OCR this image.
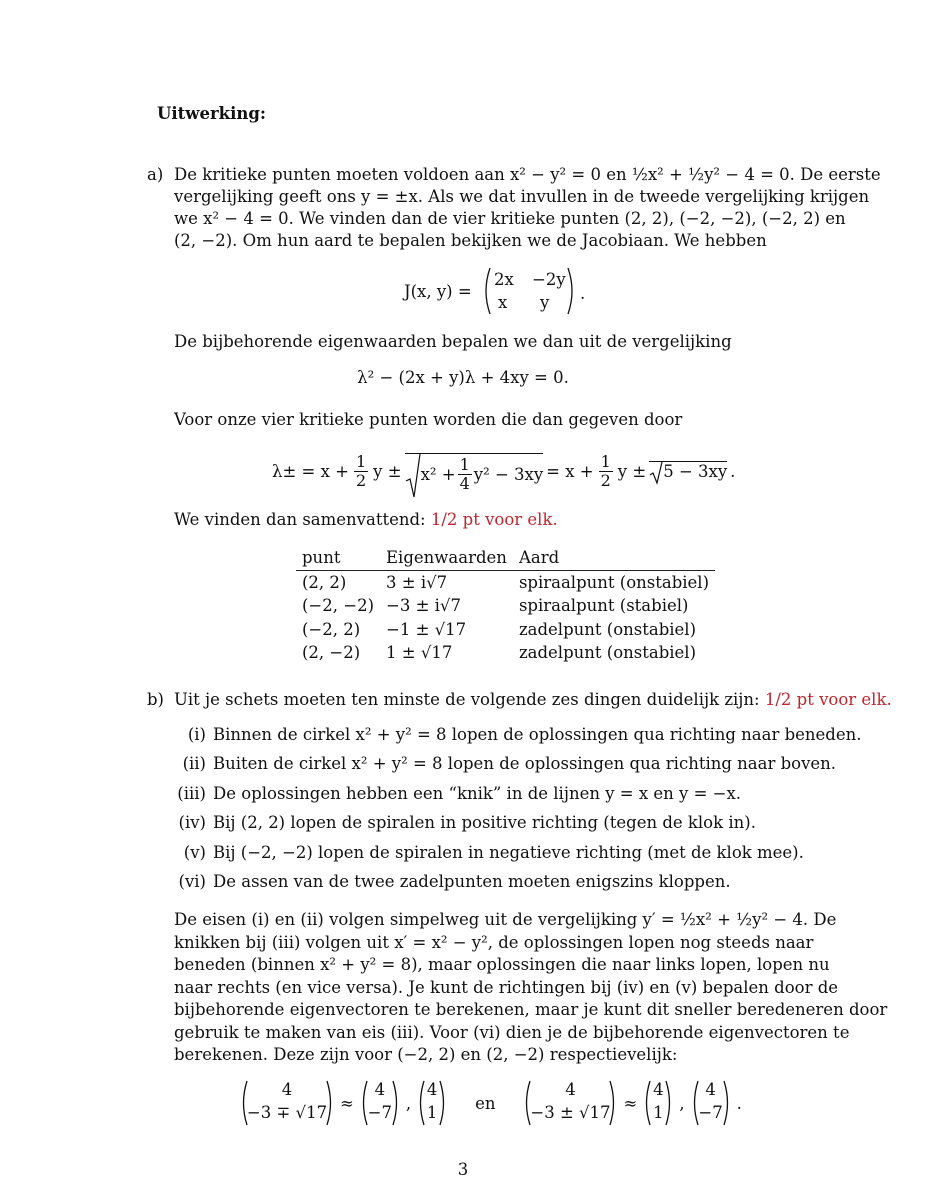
Uitwerking:
a) De kritieke punten moeten voldoen aan x² − y² = 0 en ½x² + ½y² − 4 = 0. De eerste
vergelijking geeft ons y = ±x. Als we dat invullen in de tweede vergelijking krijgen
we x² − 4 = 0. We vinden dan de vier kritieke punten (2, 2), (−2, −2), (−2, 2) en
(2, −2). Om hun aard te bepalen bekijken we de Jacobiaan. We hebben
J(x, y) =
2x −2y
x y .
De bijbehorende eigenwaarden bepalen we dan uit de vergelijking
λ² − (2x + y)λ + 4xy = 0.
Voor onze vier kritieke punten worden die dan gegeven door
$\lambda\pm = x + \frac{1}{2}$ $y \pm x^2 + \frac{1}{4} y^2 - 3xy = x + \frac{1}{2}$ y ±	5 − 3xy .
We vinden dan samenvattend: 1/2 pt voor elk.
punt	Eigenwaarden	Aard
(2, 2)	3 ± i√7	spiraalpunt (onstabiel)
(−2, −2)	−3 ± i√7	spiraalpunt (stabiel)
(−2, 2)	−1 ± √17	zadelpunt (onstabiel)
(2, −2)	1 ± √17	zadelpunt (onstabiel)
b) Uit je schets moeten ten minste de volgende zes dingen duidelijk zijn: 1/2 pt voor elk.
(i) Binnen de cirkel x² + y² = 8 lopen de oplossingen qua richting naar beneden.
(ii) Buiten de cirkel x² + y² = 8 lopen de oplossingen qua richting naar boven.
(iii) De oplossingen hebben een “knik” in de lijnen y = x en y = −x.
(iv) Bij (2, 2) lopen de spiralen in positive richting (tegen de klok in).
(v) Bij (−2, −2) lopen de spiralen in negatieve richting (met de klok mee).
(vi) De assen van de twee zadelpunten moeten enigszins kloppen.
De eisen (i) en (ii) volgen simpelweg uit de vergelijking y′ = ½x² + ½y² − 4. De
knikken bij (iii) volgen uit x′ = x² − y², de oplossingen lopen nog steeds naar
beneden (binnen x² + y² = 8), maar oplossingen die naar links lopen, lopen nu
naar rechts (en vice versa). Je kunt de richtingen bij (iv) en (v) bepalen door de
bijbehorende eigenvectoren te berekenen, maar je kunt dit sneller beredeneren door
gebruik te maken van eis (iii). Voor (vi) dien je de bijbehorende eigenvectoren te
berekenen. Deze zijn voor (−2, 2) en (2, −2) respectievelijk:
4
−3 ∓ √17 ≈
4
−7 ,
4
1	en
4
−3 ± √17 ≈
4
1 ,
4
−7 .
3
